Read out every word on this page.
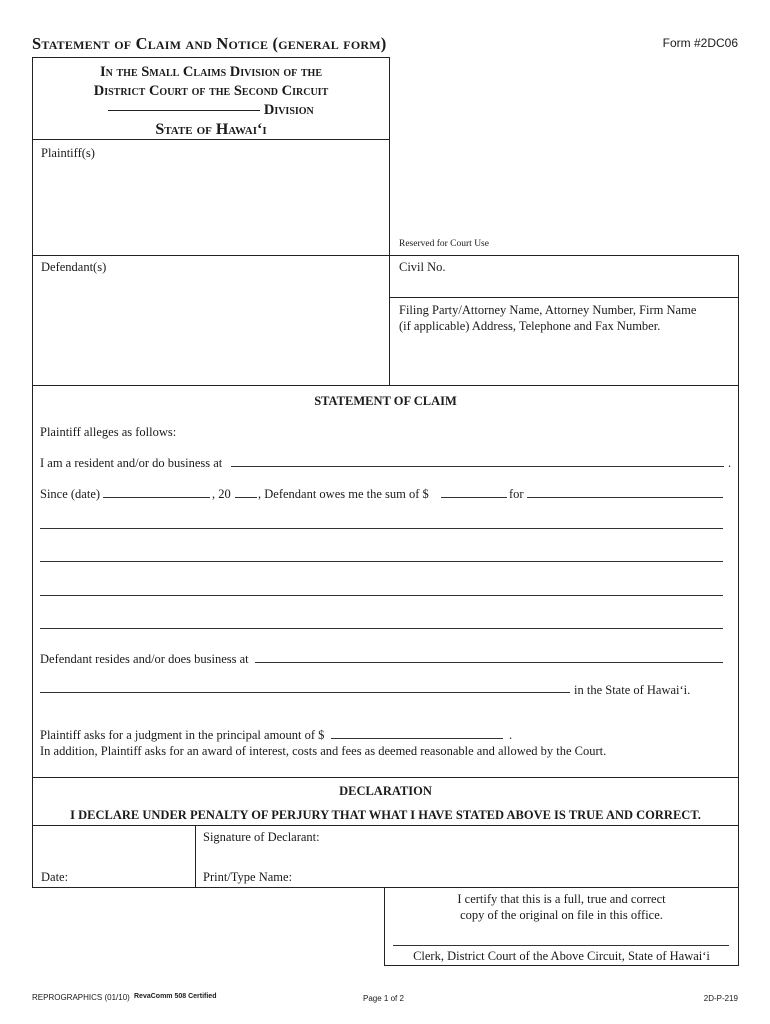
Statement of Claim and Notice (general form)	Form #2DC06
In the Small Claims Division of the
District Court of the Second Circuit
Division
State of Hawai‘i
Plaintiff(s)
Reserved for Court Use
Defendant(s)	Civil No.
Filing Party/Attorney Name, Attorney Number, Firm Name
(if applicable) Address, Telephone and Fax Number.
STATEMENT OF CLAIM
Plaintiff alleges as follows:
I am a resident and/or do business at	.
Since (date)	, 20 , Defendant owes me the sum of $	for
Defendant resides and/or does business at
in the State of Hawai‘i.
Plaintiff asks for a judgment in the principal amount of $	.
In addition, Plaintiff asks for an award of interest, costs and fees as deemed reasonable and allowed by the Court.
DECLARATION
I DECLARE UNDER PENALTY OF PERJURY THAT WHAT I HAVE STATED ABOVE IS TRUE AND CORRECT.
Date:
Signature of Declarant:
Print/Type Name:
I certify that this is a full, true and correct
copy of the original on file in this office.
Clerk, District Court of the Above Circuit, State of Hawai‘i
REPROGRAPHICS (01/10) RevaComm 508 Certified	Page 1 of 2	2D-P-219
